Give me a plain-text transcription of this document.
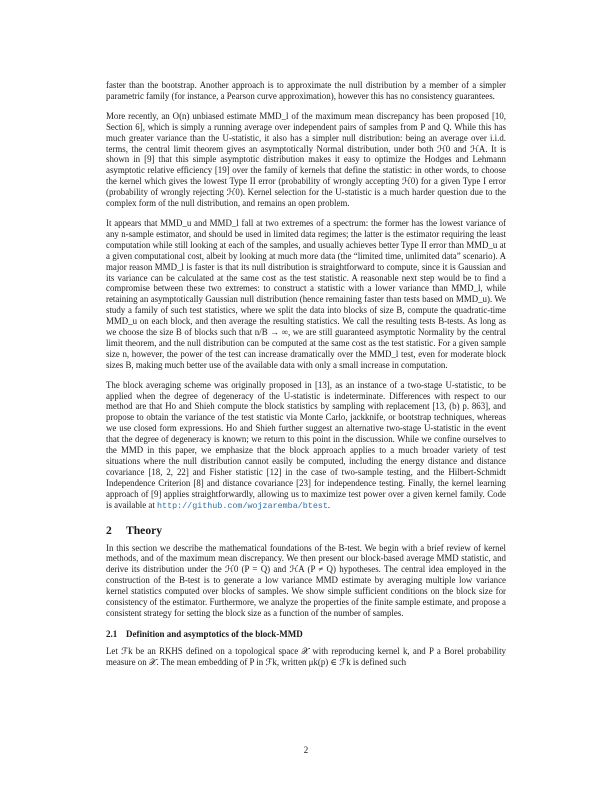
faster than the bootstrap. Another approach is to approximate the null distribution by a member of a simpler parametric family (for instance, a Pearson curve approximation), however this has no consistency guarantees.

More recently, an O(n) unbiased estimate MMD_l of the maximum mean discrepancy has been proposed [10, Section 6], which is simply a running average over independent pairs of samples from P and Q. While this has much greater variance than the U-statistic, it also has a simpler null distribution: being an average over i.i.d. terms, the central limit theorem gives an asymptotically Normal distribution, under both ℋ0 and ℋA. It is shown in [9] that this simple asymptotic distribution makes it easy to optimize the Hodges and Lehmann asymptotic relative efficiency [19] over the family of kernels that define the statistic: in other words, to choose the kernel which gives the lowest Type II error (probability of wrongly accepting ℋ0) for a given Type I error (probability of wrongly rejecting ℋ0). Kernel selection for the U-statistic is a much harder question due to the complex form of the null distribution, and remains an open problem.

It appears that MMD_u and MMD_l fall at two extremes of a spectrum: the former has the lowest variance of any n-sample estimator, and should be used in limited data regimes; the latter is the estimator requiring the least computation while still looking at each of the samples, and usually achieves better Type II error than MMD_u at a given computational cost, albeit by looking at much more data (the “limited time, unlimited data” scenario). A major reason MMD_l is faster is that its null distribution is straightforward to compute, since it is Gaussian and its variance can be calculated at the same cost as the test statistic. A reasonable next step would be to find a compromise between these two extremes: to construct a statistic with a lower variance than MMD_l, while retaining an asymptotically Gaussian null distribution (hence remaining faster than tests based on MMD_u). We study a family of such test statistics, where we split the data into blocks of size B, compute the quadratic-time MMD_u on each block, and then average the resulting statistics. We call the resulting tests B-tests. As long as we choose the size B of blocks such that n/B → ∞, we are still guaranteed asymptotic Normality by the central limit theorem, and the null distribution can be computed at the same cost as the test statistic. For a given sample size n, however, the power of the test can increase dramatically over the MMD_l test, even for moderate block sizes B, making much better use of the available data with only a small increase in computation.

The block averaging scheme was originally proposed in [13], as an instance of a two-stage U-statistic, to be applied when the degree of degeneracy of the U-statistic is indeterminate. Differences with respect to our method are that Ho and Shieh compute the block statistics by sampling with replacement [13, (b) p. 863], and propose to obtain the variance of the test statistic via Monte Carlo, jackknife, or bootstrap techniques, whereas we use closed form expressions. Ho and Shieh further suggest an alternative two-stage U-statistic in the event that the degree of degeneracy is known; we return to this point in the discussion. While we confine ourselves to the MMD in this paper, we emphasize that the block approach applies to a much broader variety of test situations where the null distribution cannot easily be computed, including the energy distance and distance covariance [18, 2, 22] and Fisher statistic [12] in the case of two-sample testing, and the Hilbert-Schmidt Independence Criterion [8] and distance covariance [23] for independence testing. Finally, the kernel learning approach of [9] applies straightforwardly, allowing us to maximize test power over a given kernel family. Code is available at http://github.com/wojzaremba/btest.

2 Theory

In this section we describe the mathematical foundations of the B-test. We begin with a brief review of kernel methods, and of the maximum mean discrepancy. We then present our block-based average MMD statistic, and derive its distribution under the ℋ0 (P = Q) and ℋA (P ≠ Q) hypotheses. The central idea employed in the construction of the B-test is to generate a low variance MMD estimate by averaging multiple low variance kernel statistics computed over blocks of samples. We show simple sufficient conditions on the block size for consistency of the estimator. Furthermore, we analyze the properties of the finite sample estimate, and propose a consistent strategy for setting the block size as a function of the number of samples.

2.1 Definition and asymptotics of the block-MMD

Let ℱk be an RKHS defined on a topological space 𝒳 with reproducing kernel k, and P a Borel probability measure on 𝒳. The mean embedding of P in ℱk, written μk(p) ∈ ℱk is defined such

2
